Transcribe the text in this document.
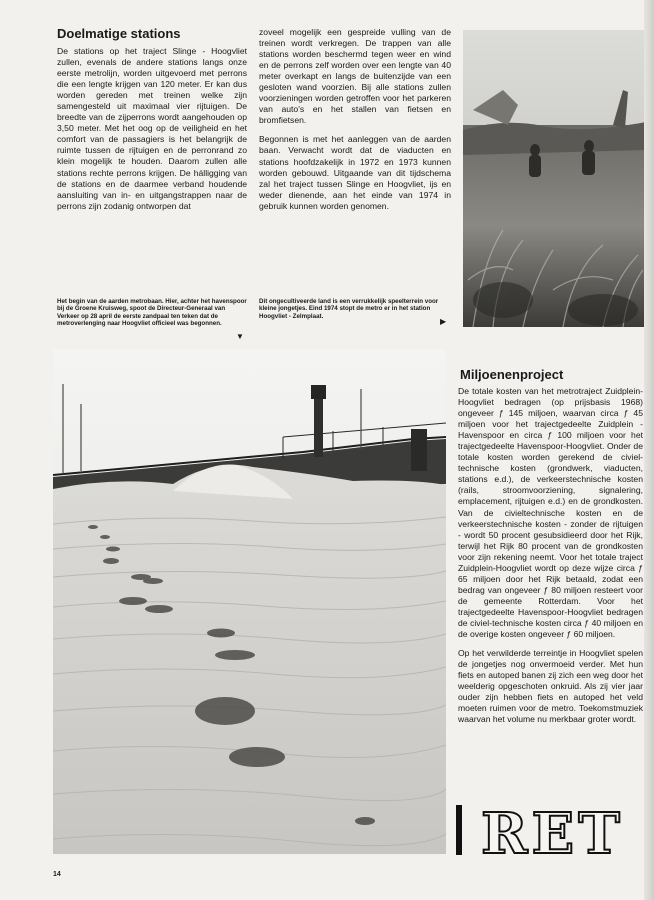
Doelmatige stations

De stations op het traject Slinge - Hoogvliet zullen, evenals de andere stations langs onze eerste metrolijn, worden uitgevoerd met perrons die een lengte krijgen van 120 meter. Er kan dus worden gereden met treinen welke zijn samengesteld uit maximaal vier rijtuigen. De breedte van de zijperrons wordt aangehouden op 3,50 meter. Met het oog op de veiligheid en het comfort van de passagiers is het belangrijk de ruimte tussen de rijtuigen en de perronrand zo klein mogelijk te houden. Daarom zullen alle stations rechte perrons krijgen. De hálligging van de stations en de daarmee verband houdende aansluiting van in- en uitgangstrappen naar de perrons zijn zodanig ontworpen dat

zoveel mogelijk een gespreide vulling van de treinen wordt verkregen. De trappen van alle stations worden beschermd tegen weer en wind en de perrons zelf worden over een lengte van 40 meter overkapt en langs de buitenzijde van een gesloten wand voorzien. Bij alle stations zullen voorzieningen worden getroffen voor het parkeren van auto's en het stallen van fietsen en bromfietsen.

Begonnen is met het aanleggen van de aarden baan. Verwacht wordt dat de viaducten en stations hoofdzakelijk in 1972 en 1973 kunnen worden gebouwd. Uitgaande van dit tijdschema zal het traject tussen Slinge en Hoogvliet, ijs en weder dienende, aan het einde van 1974 in gebruik kunnen worden genomen.

Het begin van de aarden metrobaan. Hier, achter het havenspoor bij de Groene Kruisweg, spoot de Directeur-Generaal van Verkeer op 28 april de eerste zandpaal ten teken dat de metroverlenging naar Hoogvliet officieel was begonnen.
▼
Dit ongecultiveerde land is een verrukkelijk speelterrein voor kleine jongetjes. Eind 1974 stopt de metro er in het station Hoogvliet - Zelmplaat.
▶
Miljoenenproject

De totale kosten van het metrotraject Zuidplein-Hoogvliet bedragen (op prijsbasis 1968) ongeveer ƒ 145 miljoen, waarvan circa ƒ 45 miljoen voor het trajectgedeelte Zuidplein - Havenspoor en circa ƒ 100 miljoen voor het trajectgedeelte Havenspoor-Hoogvliet. Onder de totale kosten worden gerekend de civiel-technische kosten (grondwerk, viaducten, stations e.d.), de verkeerstechnische kosten (rails, stroomvoorziening, signalering, emplacement, rijtuigen e.d.) en de grondkosten. Van de civieltechnische kosten en de verkeerstechnische kosten - zonder de rijtuigen - wordt 50 procent gesubsidieerd door het Rijk, terwijl het Rijk 80 procent van de grondkosten voor zijn rekening neemt. Voor het totale traject Zuidplein-Hoogvliet wordt op deze wijze circa ƒ 65 miljoen door het Rijk betaald, zodat een bedrag van ongeveer ƒ 80 miljoen resteert voor de gemeente Rotterdam. Voor het trajectgedeelte Havenspoor-Hoogvliet bedragen de civiel-technische kosten circa ƒ 40 miljoen en de overige kosten ongeveer ƒ 60 miljoen.

Op het verwilderde terreintje in Hoogvliet spelen de jongetjes nog onvermoeid verder. Met hun fiets en autoped banen zij zich een weg door het weelderig opgeschoten onkruid. Als zij vier jaar ouder zijn hebben fiets en autoped het veld moeten ruimen voor de metro. Toekomstmuziek waarvan het volume nu merkbaar groter wordt.

RET
14
